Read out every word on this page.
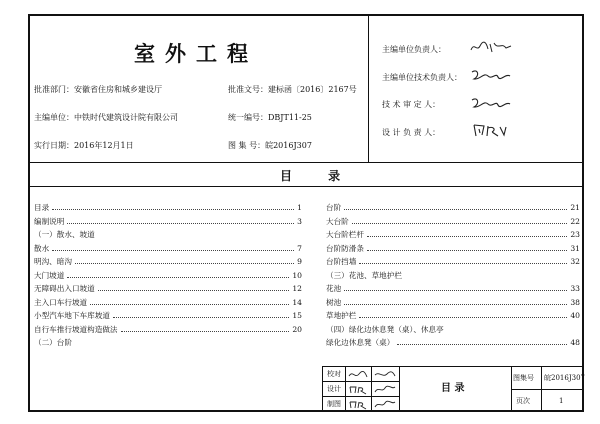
室外工程
批准部门：安徽省住房和城乡建设厅	批准文号：建标函〔2016〕2167号
主编单位：中铁时代建筑设计院有限公司	统一编号：DBJT11-25
实行日期：2016年12月1日	图 集 号：皖2016J307
主编单位负责人：
主编单位技术负责人：
技 术 审 定 人：
设 计 负 责 人：
目 录
目录	1
编制说明	3
（一）散水、坡道
散水	7
明沟、暗沟	9
大门坡道	10
无障碍出入口坡道	12
主入口车行坡道	14
小型汽车地下车库坡道	15
自行车推行坡道构造做法	20
（二）台阶
台阶	21
大台阶	22
大台阶栏杆	23
台阶防滑条	31
台阶挡墙	32
（三）花池、草地护栏
花池	33
树池	38
草地护栏	40
（四）绿化边休息凳（桌）、休息亭
绿化边休息凳（桌）	48
校对
设计
制图
目 录
图集号 皖2016J307
页次	1
